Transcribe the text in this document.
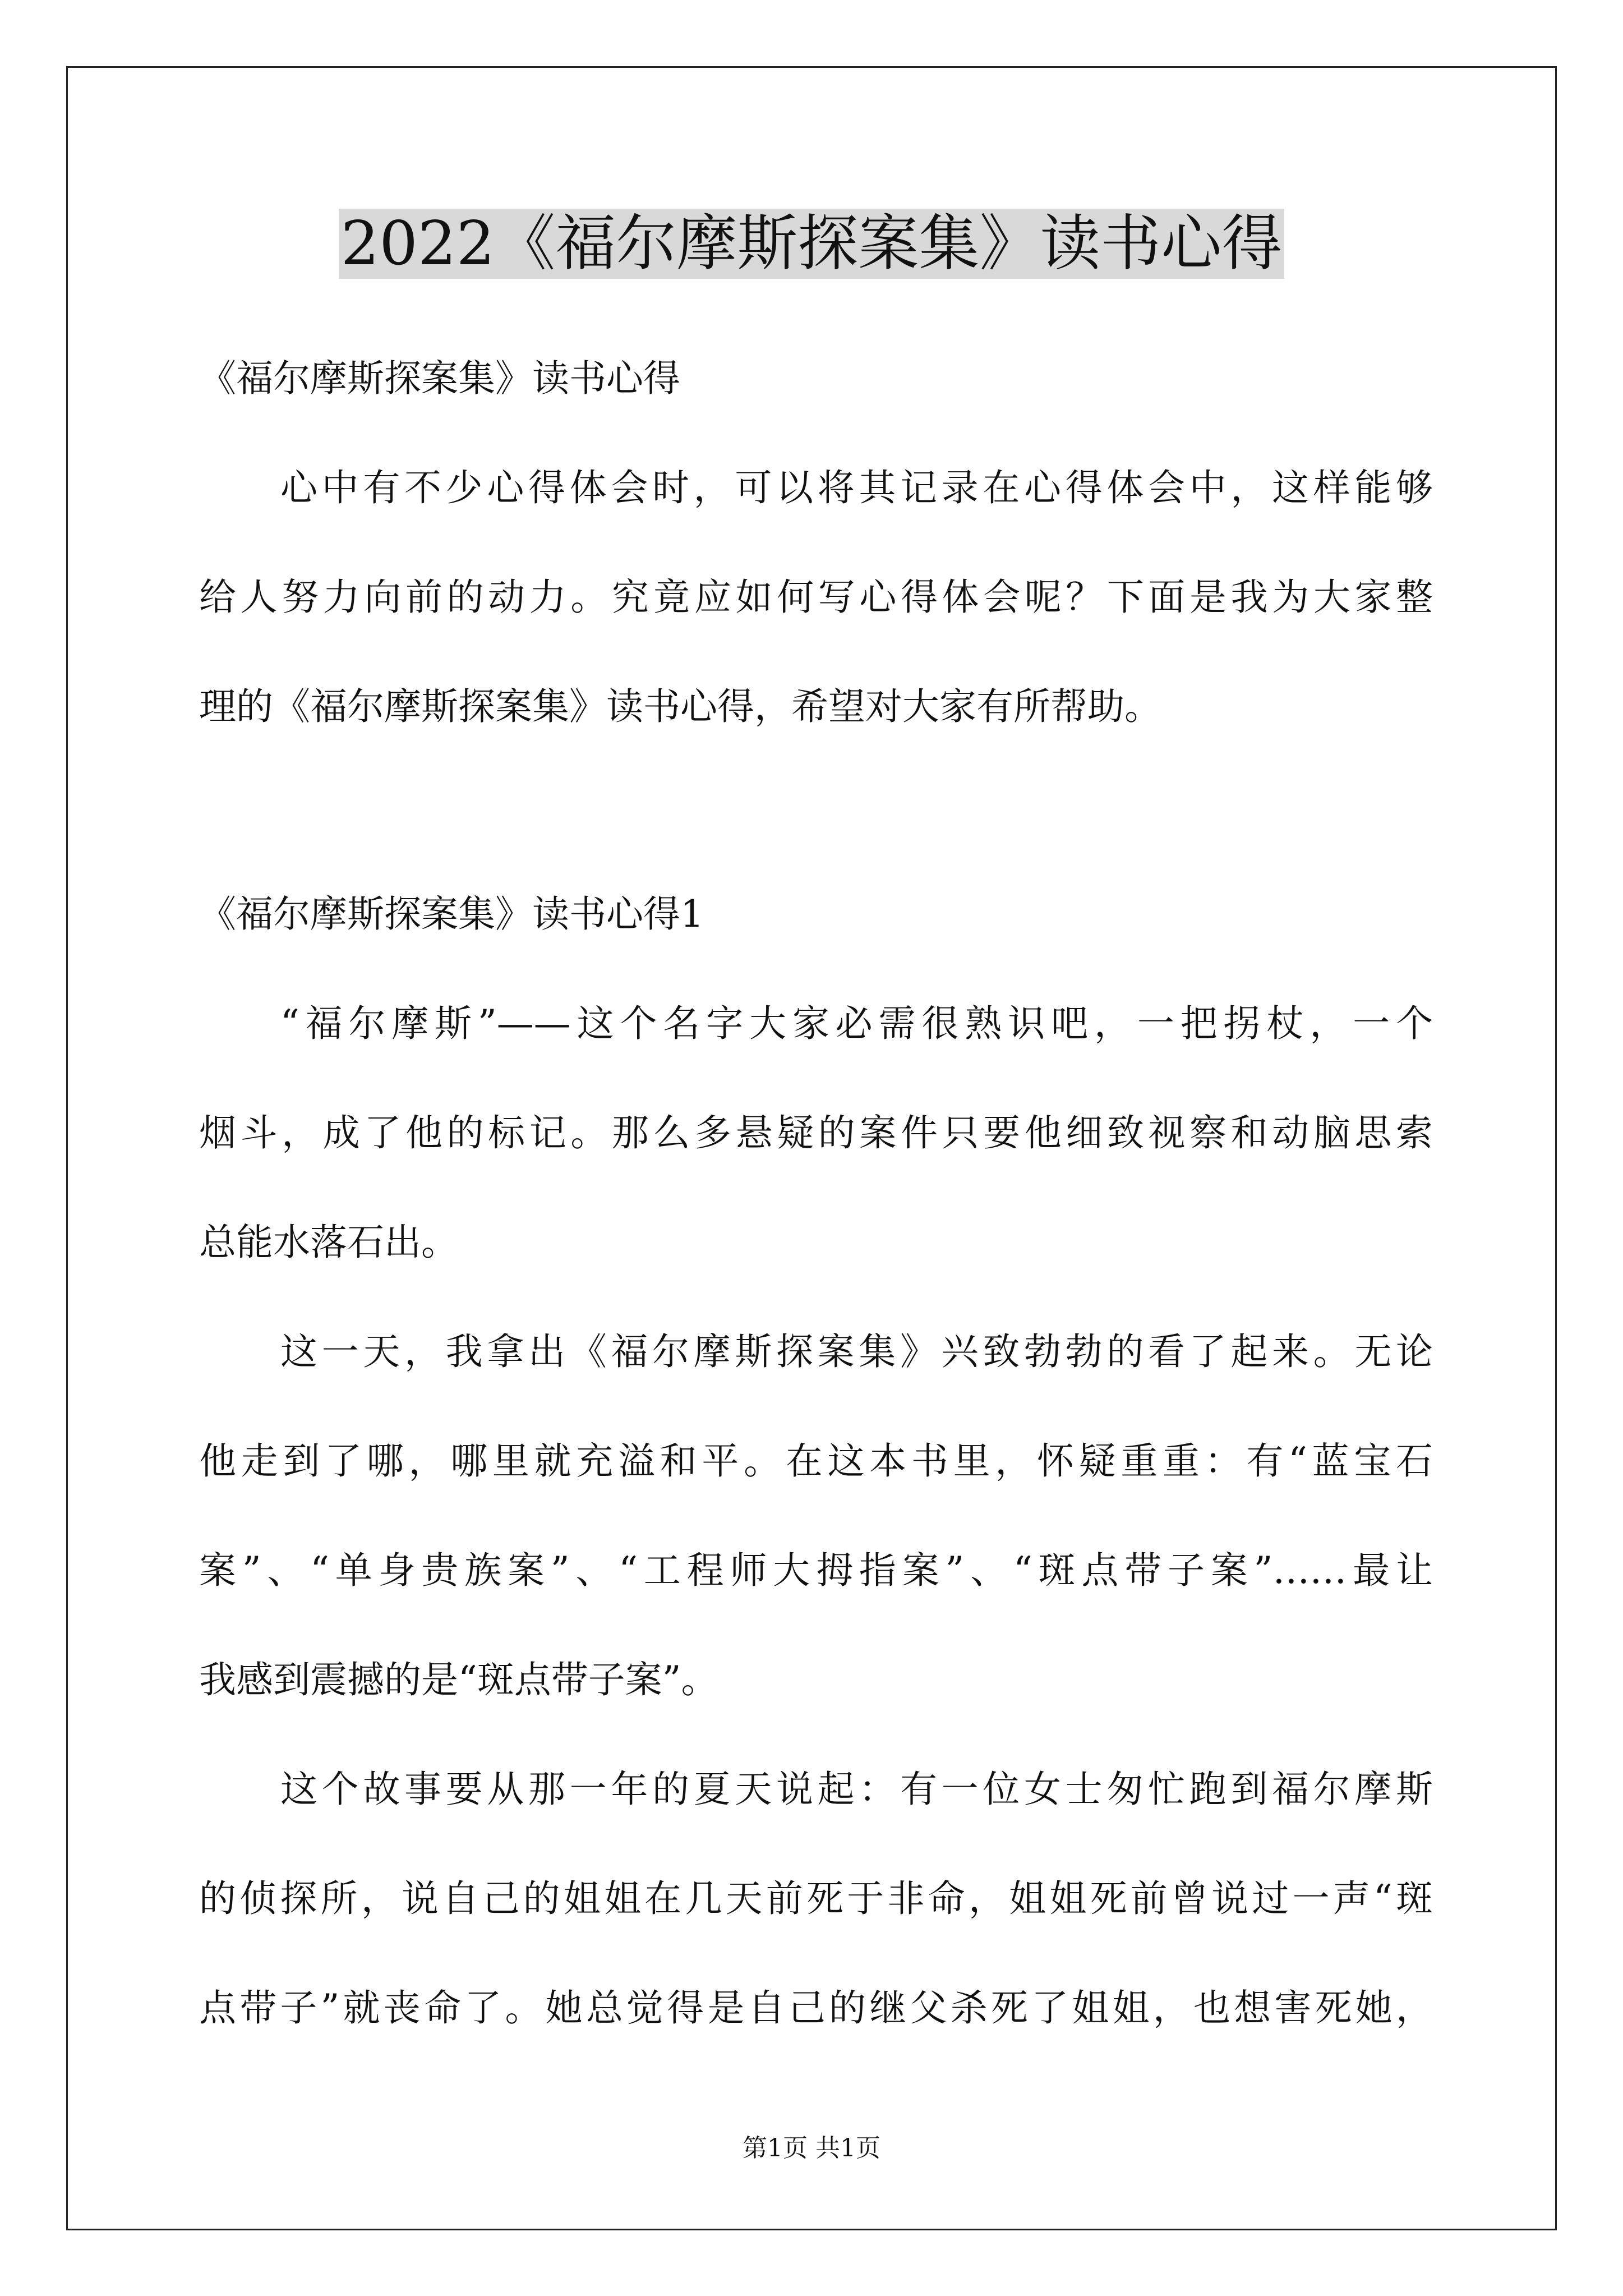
2022《福尔摩斯探案集》读书心得

《福尔摩斯探案集》读书心得

心中有不少心得体会时，可以将其记录在心得体会中，这样能够

给人努力向前的动力。究竟应如何写心得体会呢？下面是我为大家整

理的《福尔摩斯探案集》读书心得，希望对大家有所帮助。

《福尔摩斯探案集》读书心得1

“福尔摩斯”——这个名字大家必需很熟识吧，一把拐杖，一个

烟斗，成了他的标记。那么多悬疑的案件只要他细致视察和动脑思索

总能水落石出。

这一天，我拿出《福尔摩斯探案集》兴致勃勃的看了起来。无论

他走到了哪，哪里就充溢和平。在这本书里，怀疑重重：有“蓝宝石

案”、“单身贵族案”、“工程师大拇指案”、“斑点带子案”……最让

我感到震撼的是“斑点带子案”。

这个故事要从那一年的夏天说起：有一位女士匆忙跑到福尔摩斯

的侦探所，说自己的姐姐在几天前死于非命，姐姐死前曾说过一声“斑

点带子”就丧命了。她总觉得是自己的继父杀死了姐姐，也想害死她，

第1页 共1页
